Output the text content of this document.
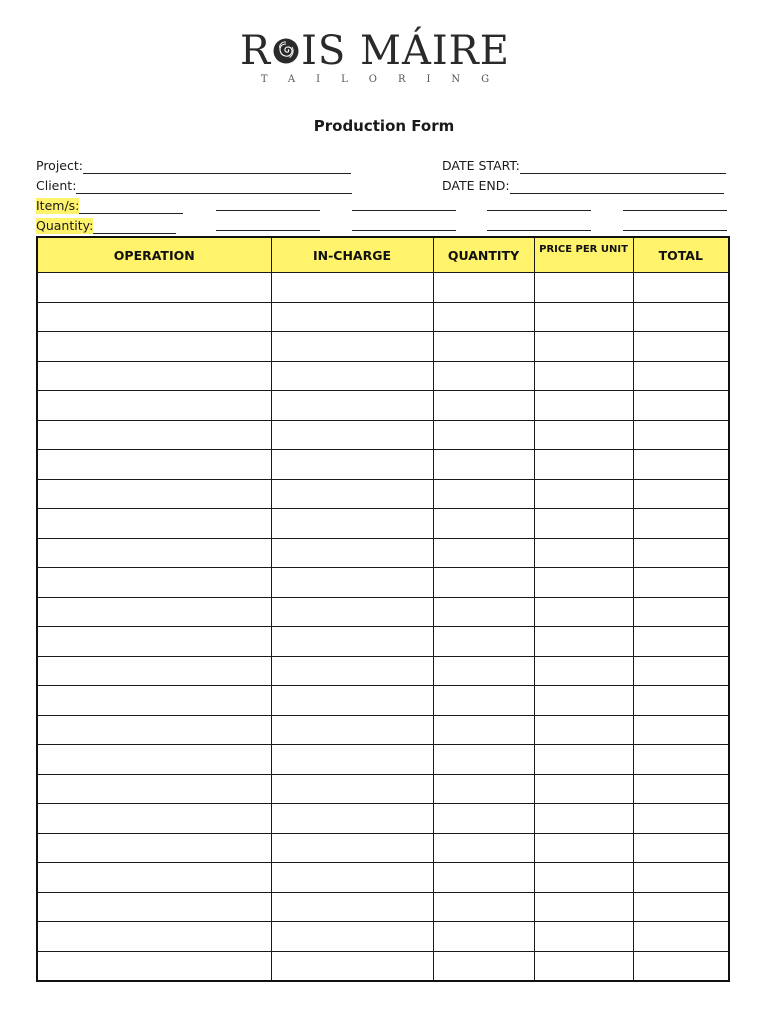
R IS MÁIRE
TAILORING
Production Form
Project:
Client:
DATE START:
DATE END:
Item/s:
Quantity:
OPERATION	IN-CHARGE	QUANTITY	PRICE PER UNIT	TOTAL
